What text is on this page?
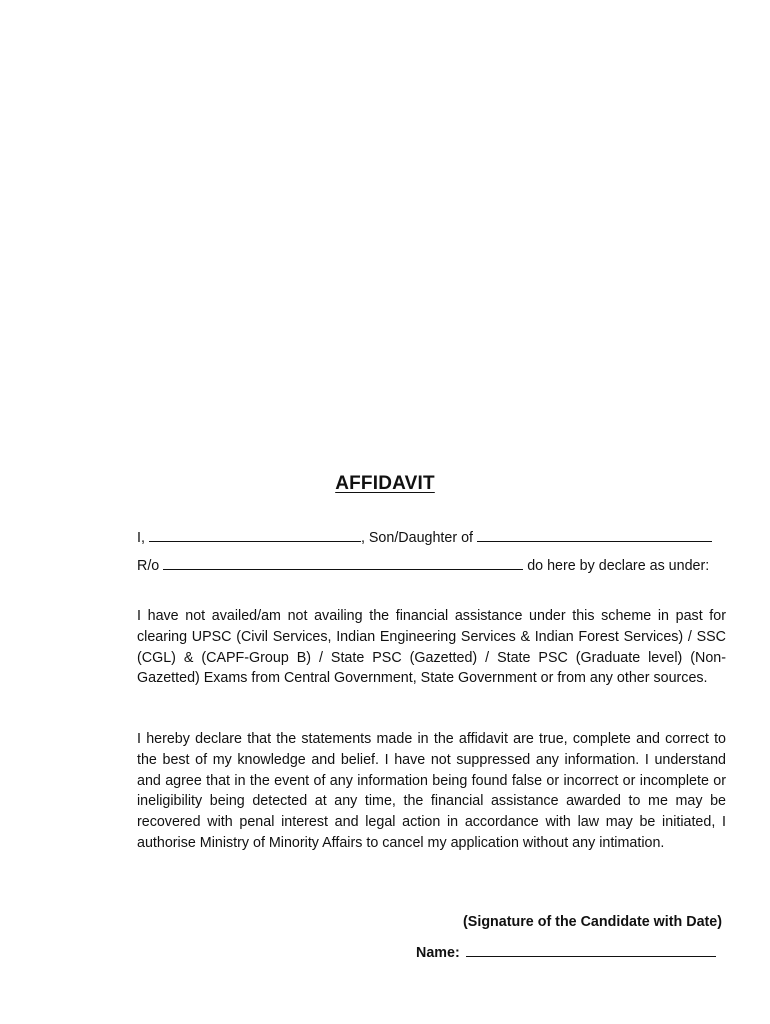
AFFIDAVIT
I,	, Son/Daughter of
R/o	do here by declare as under:

I have not availed/am not availing the financial assistance under this scheme in past for clearing UPSC (Civil Services, Indian Engineering Services & Indian Forest Services) / SSC (CGL) & (CAPF-Group B) / State PSC (Gazetted) / State PSC (Graduate level) (Non-Gazetted) Exams from Central Government, State Government or from any other sources.

I hereby declare that the statements made in the affidavit are true, complete and correct to the best of my knowledge and belief. I have not suppressed any information. I understand and agree that in the event of any information being found false or incorrect or incomplete or ineligibility being detected at any time, the financial assistance awarded to me may be recovered with penal interest and legal action in accordance with law may be initiated, I authorise Ministry of Minority Affairs to cancel my application without any intimation.

(Signature of the Candidate with Date)
Name:
